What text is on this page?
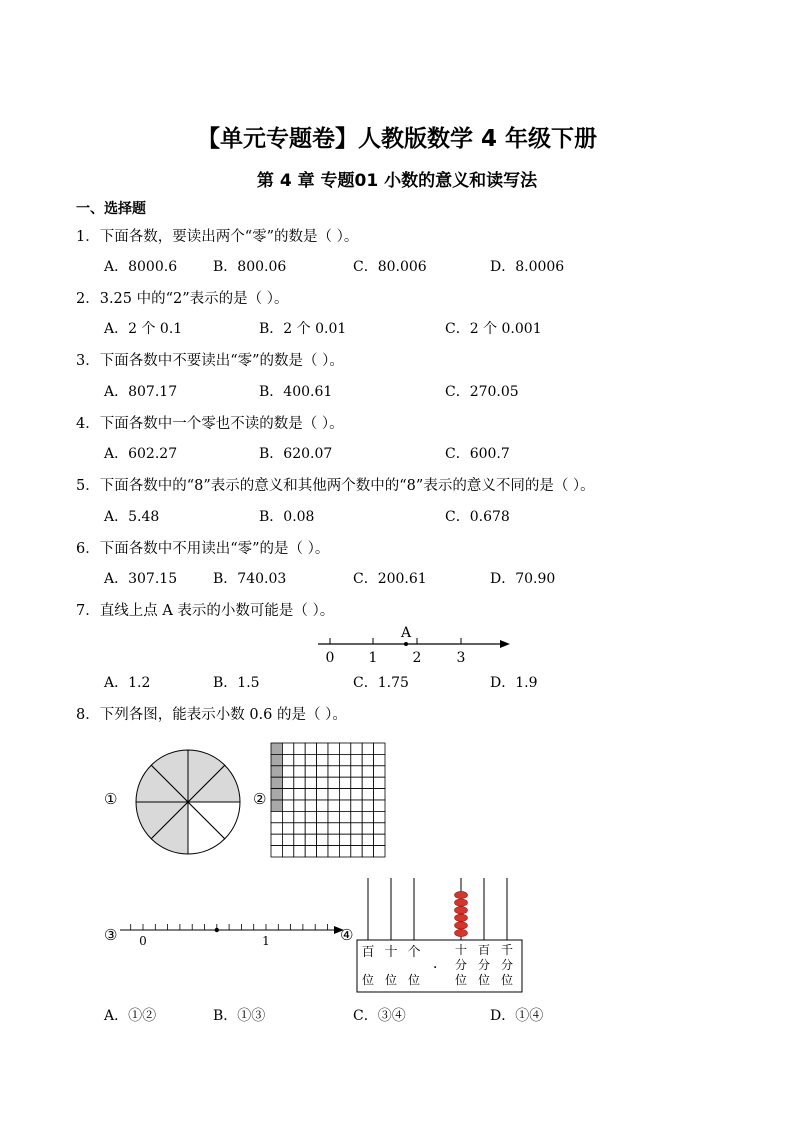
【单元专题卷】人教版数学 4 年级下册
第 4 章 专题01 小数的意义和读写法
一、选择题
1．下面各数，要读出两个“零”的数是（ ）。
A．8000.6	B．800.06	C．80.006	D．8.0006
2．3.25 中的“2”表示的是（ ）。
A．2 个 0.1	B．2 个 0.01	C．2 个 0.001
3．下面各数中不要读出“零”的数是（ ）。
A．807.17	B．400.61	C．270.05
4．下面各数中一个零也不读的数是（ ）。
A．602.27	B．620.07	C．600.7
5．下面各数中的“8”表示的意义和其他两个数中的“8”表示的意义不同的是（ ）。
A．5.48	B．0.08	C．0.678
6．下面各数中不用读出“零”的是（ ）。
A．307.15	B．740.03	C．200.61	D．70.90
7．直线上点 A 表示的小数可能是（ ）。
A
0 1	2	3
A．1.2	B．1.5	C．1.75	D．1.9
8．下列各图，能表示小数 0.6 的是（ ）。
①	②
③ 0	1	④
百
位
十
位
个
位
．
十
分
位
百
分
位
千
分
位
A．①②	B．①③	C．③④	D．①④
